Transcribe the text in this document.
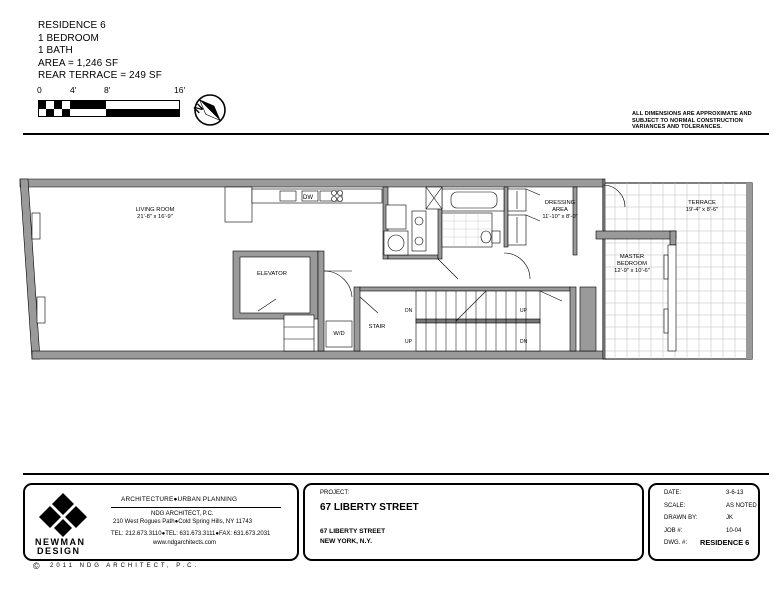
RESIDENCE 6
1 BEDROOM
1 BATH
AREA = 1,246 SF
REAR TERRACE = 249 SF
0	4'	8'	16'
N	ALL DIMENSIONS ARE APPROXIMATE AND
SUBJECT TO NORMAL CONSTRUCTION
VARIANCES AND TOLERANCES.
DW
LIVING ROOM
21'-8" x 16'-9"
DRESSING
AREA
11'-10" x 8'-0"
TERRACE
19'-4" x 8'-6"
MASTER
BEDROOM
12'-9" x 10'-6"
ELEVATOR
STAIR
W/D
DN
UP
UP
DN
NEWMAN
DESIGN
ARCHITECTURE●URBAN PLANNING
NDG ARCHITECT, P.C.
210 West Rogues Path●Cold Spring Hills, NY 11743
TEL: 212.673.3110●TEL: 631.673.3111●FAX: 631.673.2031
www.ndgarchitects.com
PROJECT:
67 LIBERTY STREET
67 LIBERTY STREET
NEW YORK, N.Y.
DATE:	3-6-13
SCALE:	AS NOTED
DRAWN BY:	JK
JOB #:	10-04
DWG. #: RESIDENCE 6
© 2011 NDG ARCHITECT, P.C.
